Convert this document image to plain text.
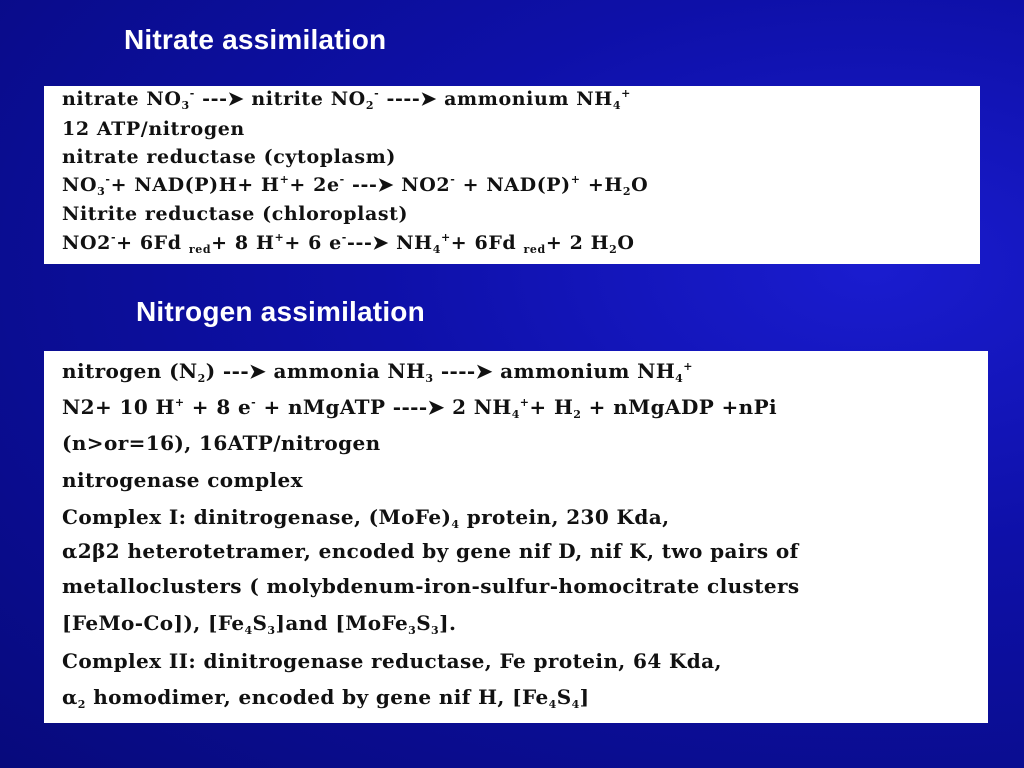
Nitrate assimilation
nitrate $NO_3^-$ ---➤ nitrite $NO_2^-$ ----➤ ammonium $NH_4^+$
12 ATP/nitrogen
nitrate reductase (cytoplasm)
$NO_3^-+ NAD(P)H+ H^++ 2e^-$ ---➤ $NO2^- + NAD(P)^+ +H_2O$
Nitrite reductase (chloroplast)
NO2-+ 6Fd $_{red}$+ 8 H++ 6 e----➤ $NH_4^++ 6Fd$ $_{red}$+ 2 $H_2O$
Nitrogen assimilation
nitrogen $(N_2)$ ---➤ ammonia $NH_3$ ----➤ ammonium $NH_4^+$
N2+ 10 H+ + 8 e- + nMgATP ----➤ 2 $NH_4^++ H_2$ + nMgADP +nPi
(n>or=16), 16ATP/nitrogen
nitrogenase complex
Complex I: dinitrogenase, $(MoFe)_4$ protein, 230 Kda,
α2β2 heterotetramer, encoded by gene nif D, nif K, two pairs of
metalloclusters ( molybdenum-iron-sulfur-homocitrate clusters
[FeMo-Co]), $[Fe_4S_3]and$ $[MoFe_3S_3]$.
Complex II: dinitrogenase reductase, Fe protein, 64 Kda,
$\alpha_2$ homodimer, encoded by gene nif H, $[Fe_4S_4]$
